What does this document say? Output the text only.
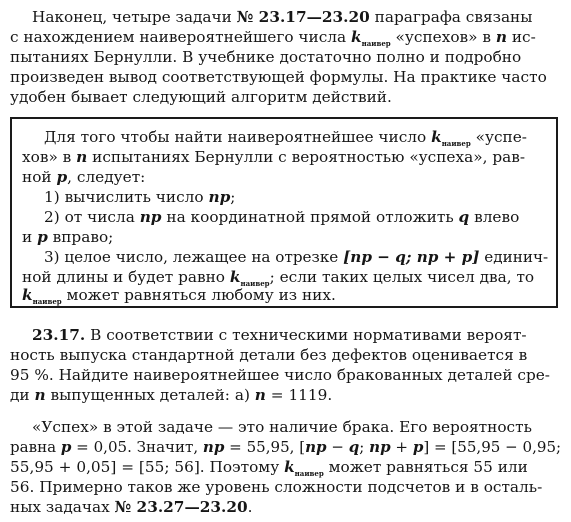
Наконец, четыре задачи № 23.17—23.20 параграфа связаны
с нахождением наивероятнейшего числа $k_{наивер}$ «успехов» в n ис-
пытаниях Бернулли. В учебнике достаточно полно и подробно
произведен вывод соответствующей формулы. На практике часто
удобен бывает следующий алгоритм действий.
Для того чтобы найти наивероятнейшее число $k_{наивер}$ «успе-
хов» в n испытаниях Бернулли с вероятностью «успеха», рав-
ной p, следует:
1) вычислить число np;
2) от числа np на координатной прямой отложить q влево
и p вправо;
3) целое число, лежащее на отрезке [np − q; np + p] единич-
ной длины и будет равно $k_{наивер}$; если таких целых чисел два, то
$k_{наивер}$ может равняться любому из них.
23.17. В соответствии с техническими нормативами вероят-
ность выпуска стандартной детали без дефектов оценивается в
95 %. Найдите наивероятнейшее число бракованных деталей сре-
ди n выпущенных деталей: а) n = 1119.
«Успех» в этой задаче — это наличие брака. Его вероятность
равна p = 0,05. Значит, np = 55,95, [np − q; np + p] = [55,95 − 0,95;
55,95 + 0,05] = [55; 56]. Поэтому $k_{наивер}$ может равняться 55 или
56. Примерно таков же уровень сложности подсчетов и в осталь-
ных задачах № 23.27—23.20.
